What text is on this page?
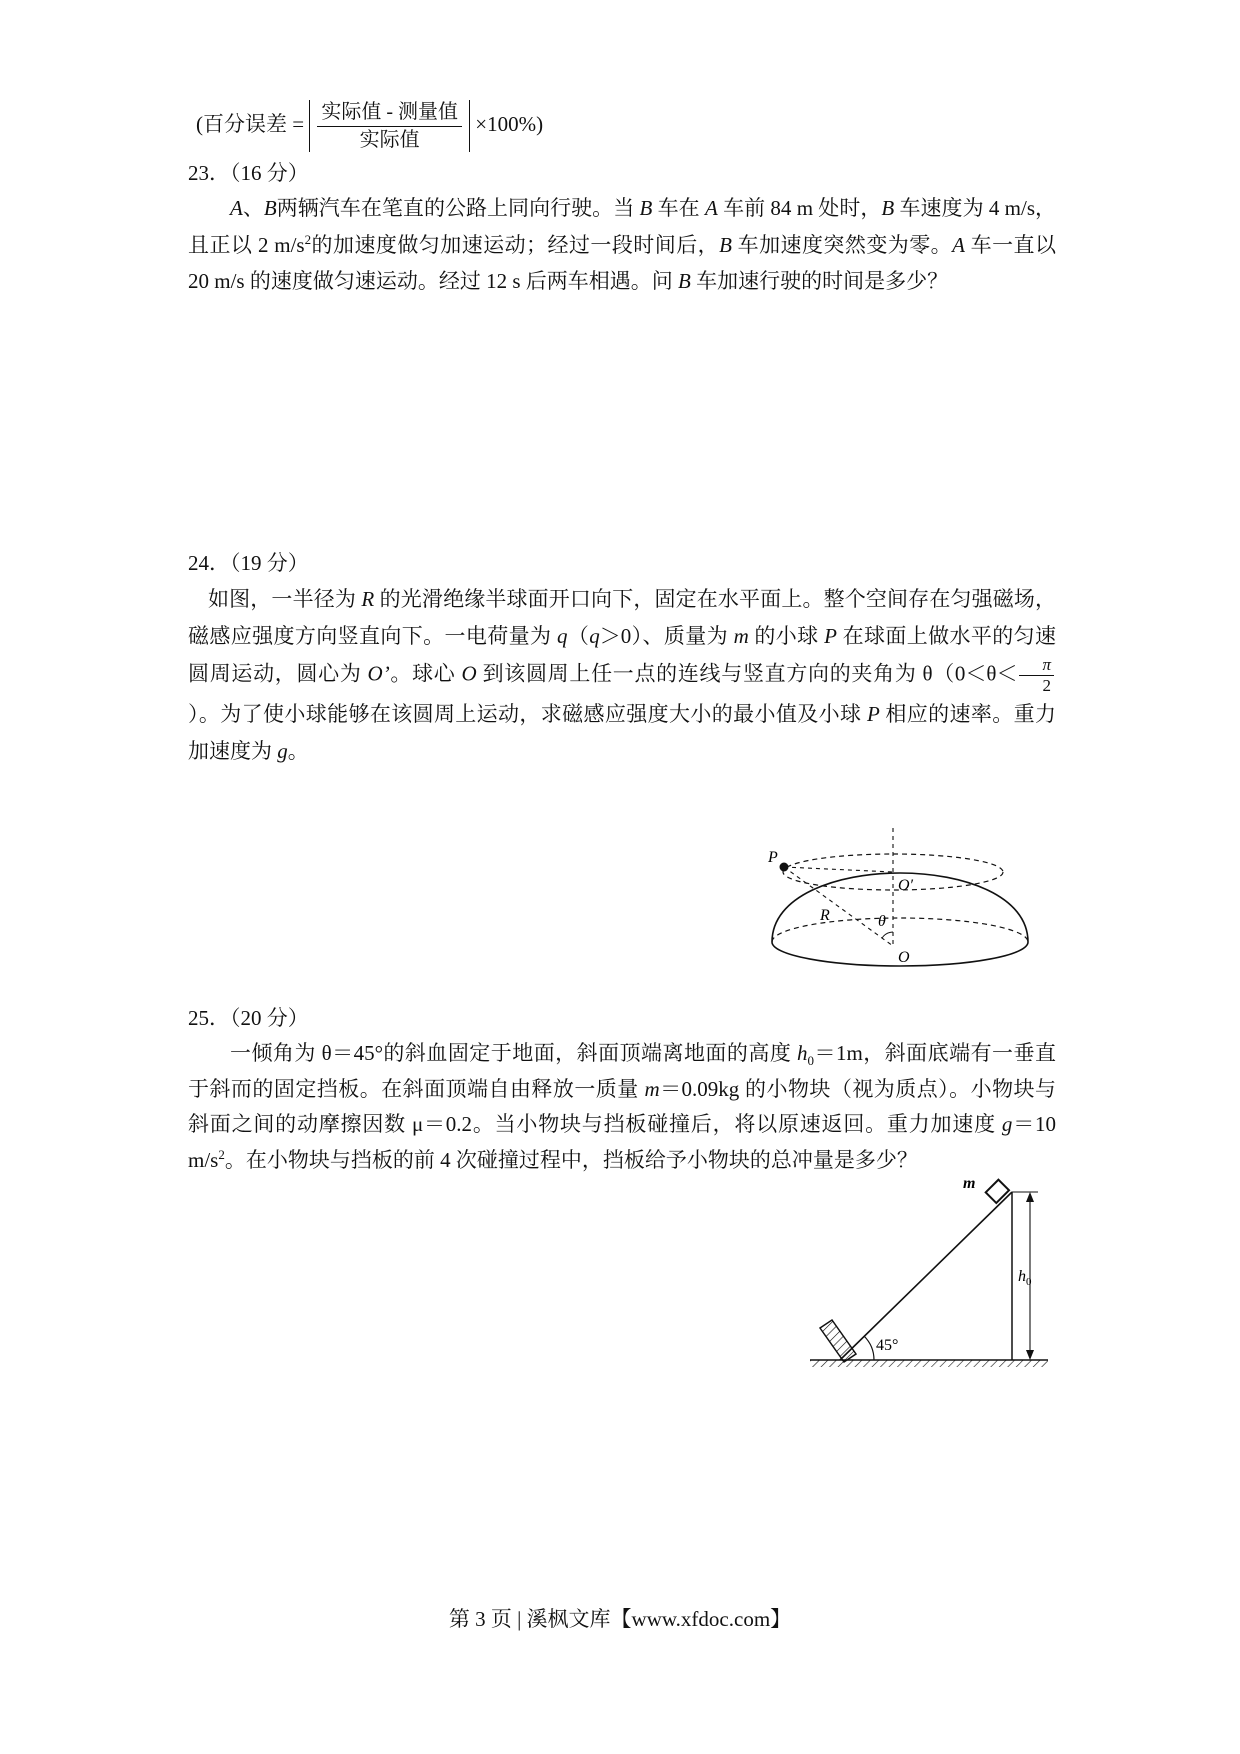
(百分误差 = $\frac{\text{实际值 - 测量值}}{\text{实际值}} \times 100\%$)
23．（16 分）
A、B两辆汽车在笔直的公路上同向行驶。当 B 车在 A 车前 84 m 处时，B 车速度为 4 m/s，且正以 2 $m/s^2$的加速度做匀加速运动；经过一段时间后，B 车加速度突然变为零。A 车一直以 20 m/s 的速度做匀速运动。经过 12 s 后两车相遇。问 B 车加速行驶的时间是多少？
24．（19 分）
如图，一半径为 R 的光滑绝缘半球面开口向下，固定在水平面上。整个空间存在匀强磁场，磁感应强度方向竖直向下。一电荷量为 q（q＞0）、质量为 m 的小球 P 在球面上做水平的匀速圆周运动，圆心为 O’。球心 O 到该圆周上任一点的连线与竖直方向的夹角为 $\theta(0<\theta< \frac{\pi}{2}$
）。为了使小球能够在该圆周上运动，求磁感应强度大小的最小值及小球 P 相应的速率。重力加速度为 g。
P
O′
R	θ
O
25．（20 分）
一倾角为 θ＝45°的斜血固定于地面，斜面顶端离地面的高度 $h_0=1m$，斜面底端有一垂直于斜而的固定挡板。在斜面顶端自由释放一质量 m＝0.09kg 的小物块（视为质点）。小物块与斜面之间的动摩擦因数 μ＝0.2。当小物块与挡板碰撞后，将以原速返回。重力加速度 g＝10 $m/s^2$。在小物块与挡板的前 4 次碰撞过程中，挡板给予小物块的总冲量是多少？
45°
m
$h_0$
第 3 页 | 溪枫文库【www.xfdoc.com】
